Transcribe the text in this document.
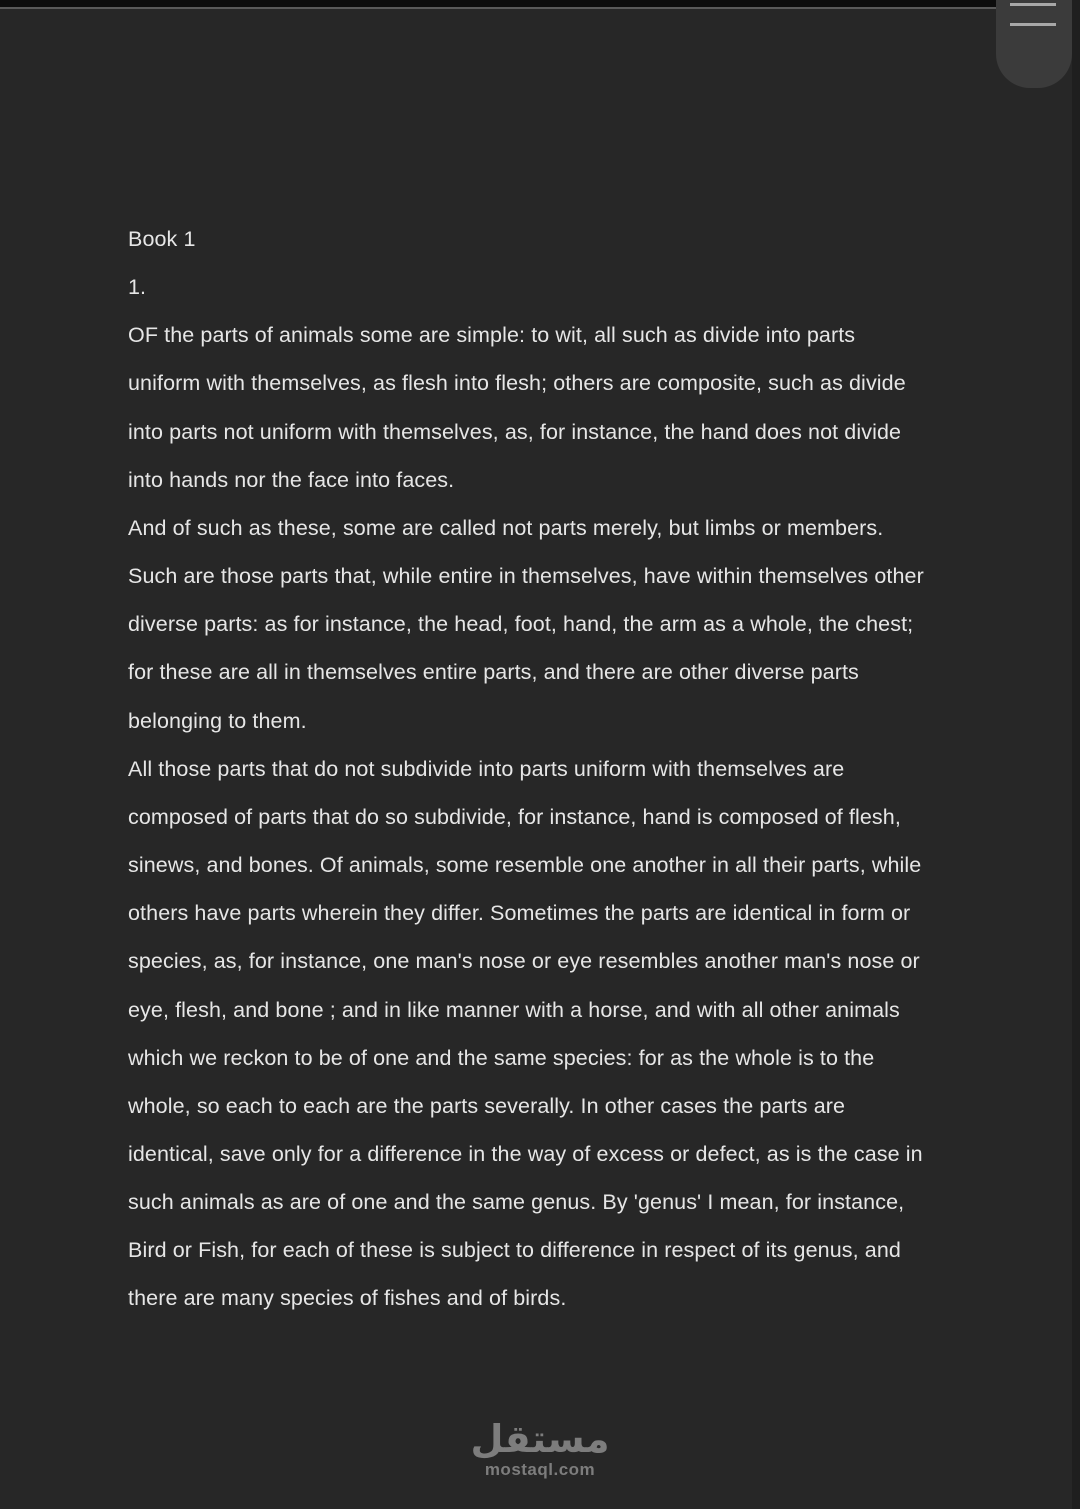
Book 1

1.

OF the parts of animals some are simple: to wit, all such as divide into parts uniform with themselves, as flesh into flesh; others are composite, such as divide into parts not uniform with themselves, as, for instance, the hand does not divide into hands nor the face into faces.

And of such as these, some are called not parts merely, but limbs or members. Such are those parts that, while entire in themselves, have within themselves other diverse parts: as for instance, the head, foot, hand, the arm as a whole, the chest; for these are all in themselves entire parts, and there are other diverse parts belonging to them.

All those parts that do not subdivide into parts uniform with themselves are composed of parts that do so subdivide, for instance, hand is composed of flesh, sinews, and bones. Of animals, some resemble one another in all their parts, while others have parts wherein they differ. Sometimes the parts are identical in form or species, as, for instance, one man's nose or eye resembles another man's nose or eye, flesh, and bone ; and in like manner with a horse, and with all other animals which we reckon to be of one and the same species: for as the whole is to the whole, so each to each are the parts severally. In other cases the parts are identical, save only for a difference in the way of excess or defect, as is the case in such animals as are of one and the same genus. By 'genus' I mean, for instance, Bird or Fish, for each of these is subject to difference in respect of its genus, and there are many species of fishes and of birds.

مستقل
mostaql.com
